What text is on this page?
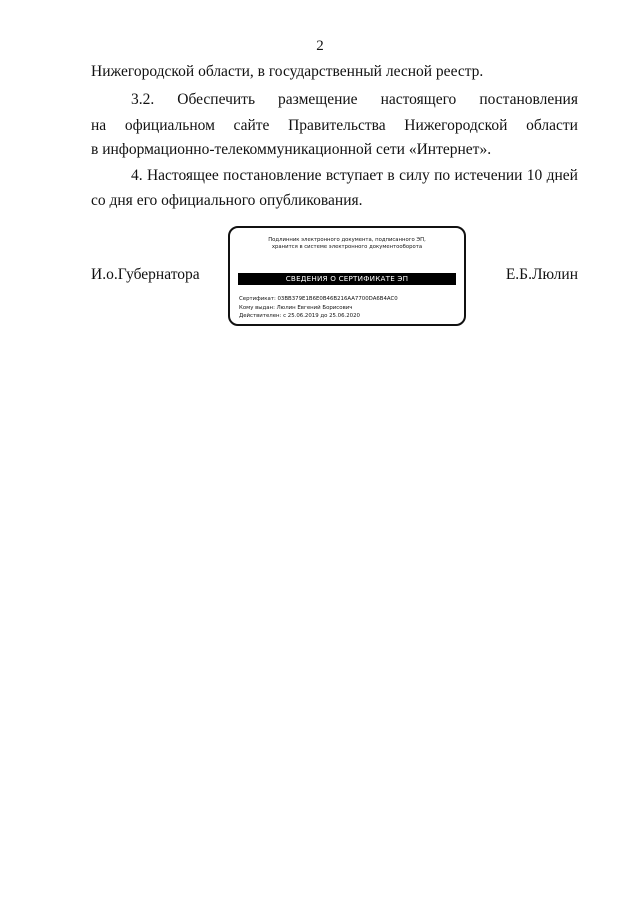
2
Нижегородской области, в государственный лесной реестр.
3.2. Обеспечить размещение настоящего постановления
на официальном сайте Правительства Нижегородской области
в информационно-телекоммуникационной сети «Интернет».
4. Настоящее постановление вступает в силу по истечении 10 дней
со дня его официального опубликования.
И.о.Губернатора	Е.Б.Люлин
Подлинник электронного документа, подписанного ЭП,
хранится в системе электронного документооборота
СВЕДЕНИЯ О СЕРТИФИКАТЕ ЭП
Сертификат: 03BB379E1B6E0B46B216AA7700DA6B4AC0
Кому выдан: Люлин Евгений Борисович
Действителен: с 25.06.2019 до 25.06.2020
